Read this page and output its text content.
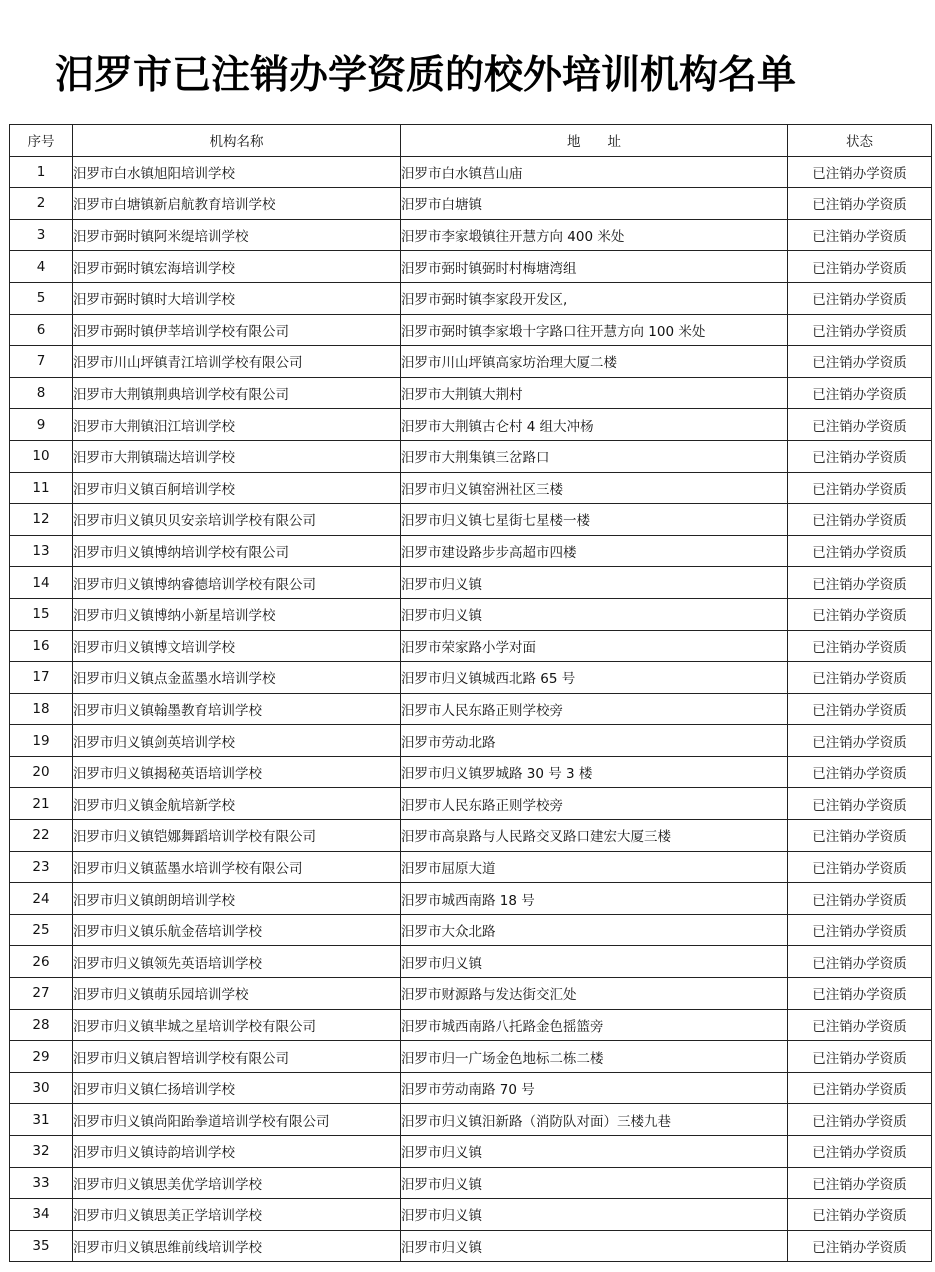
汨罗市已注销办学资质的校外培训机构名单
序号	机构名称	地　　址	状态
1	汨罗市白水镇旭阳培训学校	汨罗市白水镇莒山庙	已注销办学资质
2	汨罗市白塘镇新启航教育培训学校	汨罗市白塘镇	已注销办学资质
3	汨罗市弼时镇阿米缇培训学校	汨罗市李家塅镇往开慧方向 400 米处	已注销办学资质
4	汨罗市弼时镇宏海培训学校	汨罗市弼时镇弼时村梅塘湾组	已注销办学资质
5	汨罗市弼时镇时大培训学校	汨罗市弼时镇李家段开发区,	已注销办学资质
6	汨罗市弼时镇伊莘培训学校有限公司	汨罗市弼时镇李家塅十字路口往开慧方向 100 米处	已注销办学资质
7	汨罗市川山坪镇青江培训学校有限公司	汨罗市川山坪镇高家坊治理大厦二楼	已注销办学资质
8	汨罗市大荆镇荆典培训学校有限公司	汨罗市大荆镇大荆村	已注销办学资质
9	汨罗市大荆镇汨江培训学校	汨罗市大荆镇古仑村 4 组大冲杨	已注销办学资质
10	汨罗市大荆镇瑞达培训学校	汨罗市大荆集镇三岔路口	已注销办学资质
11	汨罗市归义镇百舸培训学校	汨罗市归义镇窑洲社区三楼	已注销办学资质
12	汨罗市归义镇贝贝安亲培训学校有限公司	汨罗市归义镇七星街七星楼一楼	已注销办学资质
13	汨罗市归义镇博纳培训学校有限公司	汨罗市建设路步步高超市四楼	已注销办学资质
14	汨罗市归义镇博纳睿德培训学校有限公司	汨罗市归义镇	已注销办学资质
15	汨罗市归义镇博纳小新星培训学校	汨罗市归义镇	已注销办学资质
16	汨罗市归义镇博文培训学校	汨罗市荣家路小学对面	已注销办学资质
17	汨罗市归义镇点金蓝墨水培训学校	汨罗市归义镇城西北路 65 号	已注销办学资质
18	汨罗市归义镇翰墨教育培训学校	汨罗市人民东路正则学校旁	已注销办学资质
19	汨罗市归义镇剑英培训学校	汨罗市劳动北路	已注销办学资质
20	汨罗市归义镇揭秘英语培训学校	汨罗市归义镇罗城路 30 号 3 楼	已注销办学资质
21	汨罗市归义镇金航培新学校	汨罗市人民东路正则学校旁	已注销办学资质
22	汨罗市归义镇铠娜舞蹈培训学校有限公司	汨罗市高泉路与人民路交叉路口建宏大厦三楼	已注销办学资质
23	汨罗市归义镇蓝墨水培训学校有限公司	汨罗市屈原大道	已注销办学资质
24	汨罗市归义镇朗朗培训学校	汨罗市城西南路 18 号	已注销办学资质
25	汨罗市归义镇乐航金蓓培训学校	汨罗市大众北路	已注销办学资质
26	汨罗市归义镇领先英语培训学校	汨罗市归义镇	已注销办学资质
27	汨罗市归义镇萌乐园培训学校	汨罗市财源路与发达街交汇处	已注销办学资质
28	汨罗市归义镇芈城之星培训学校有限公司	汨罗市城西南路八托路金色摇篮旁	已注销办学资质
29	汨罗市归义镇启智培训学校有限公司	汨罗市归一广场金色地标二栋二楼	已注销办学资质
30	汨罗市归义镇仁扬培训学校	汨罗市劳动南路 70 号	已注销办学资质
31	汨罗市归义镇尚阳跆拳道培训学校有限公司	汨罗市归义镇汨新路（消防队对面）三楼九巷	已注销办学资质
32	汨罗市归义镇诗韵培训学校	汨罗市归义镇	已注销办学资质
33	汨罗市归义镇思美优学培训学校	汨罗市归义镇	已注销办学资质
34	汨罗市归义镇思美正学培训学校	汨罗市归义镇	已注销办学资质
35	汨罗市归义镇思维前线培训学校	汨罗市归义镇	已注销办学资质
